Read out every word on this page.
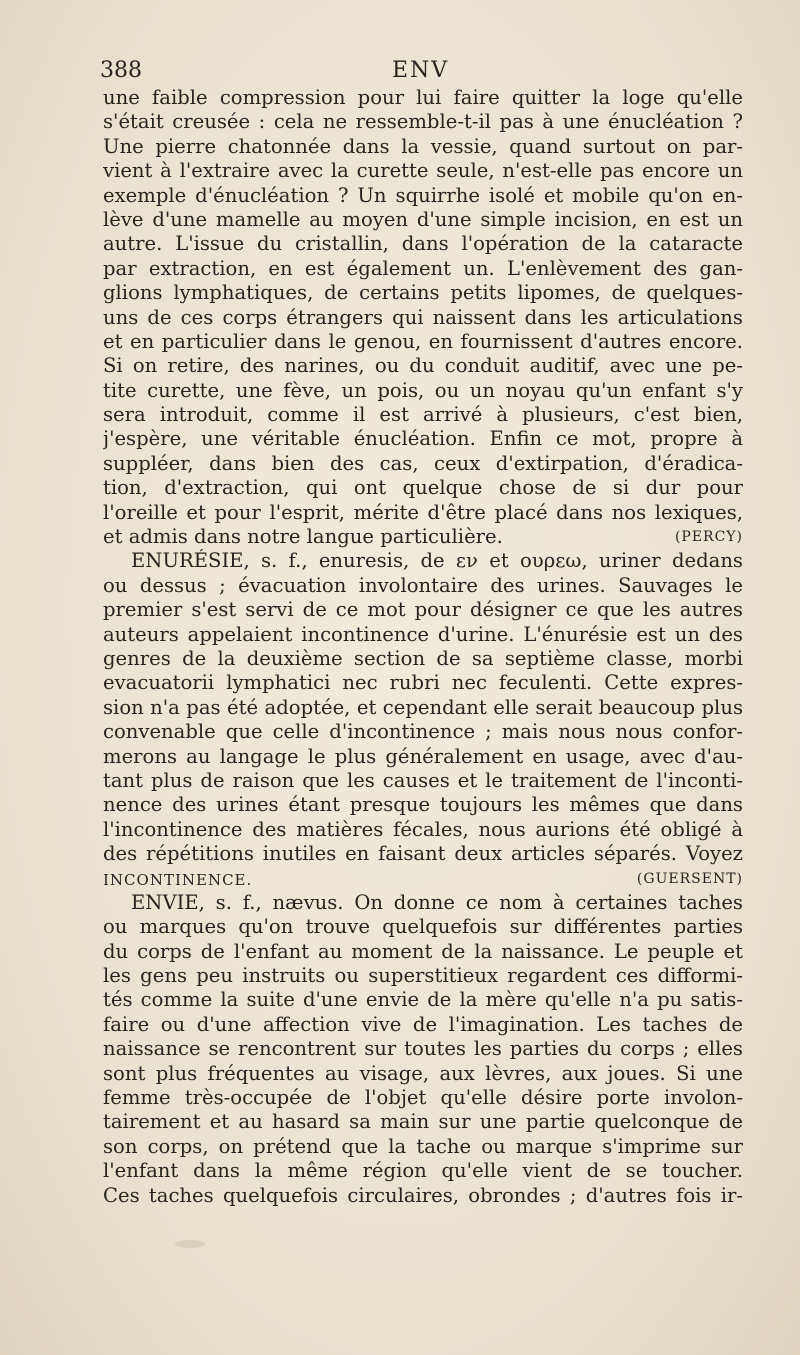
388	ENV
une faible compression pour lui faire quitter la loge qu'elle
s'était creusée : cela ne ressemble-t-il pas à une énucléation ?
Une pierre chatonnée dans la vessie, quand surtout on par-
vient à l'extraire avec la curette seule, n'est-elle pas encore un
exemple d'énucléation ? Un squirrhe isolé et mobile qu'on en-
lève d'une mamelle au moyen d'une simple incision, en est un
autre. L'issue du cristallin, dans l'opération de la cataracte
par extraction, en est également un. L'enlèvement des gan-
glions lymphatiques, de certains petits lipomes, de quelques-
uns de ces corps étrangers qui naissent dans les articulations
et en particulier dans le genou, en fournissent d'autres encore.
Si on retire, des narines, ou du conduit auditif, avec une pe-
tite curette, une fève, un pois, ou un noyau qu'un enfant s'y
sera introduit, comme il est arrivé à plusieurs, c'est bien,
j'espère, une véritable énucléation. Enfin ce mot, propre à
suppléer, dans bien des cas, ceux d'extirpation, d'éradica-
tion, d'extraction, qui ont quelque chose de si dur pour
l'oreille et pour l'esprit, mérite d'être placé dans nos lexiques,
et admis dans notre langue particulière.	(PERCY)
ENURÉSIE, s. f., enuresis, de εν et ουρεω, uriner dedans
ou dessus ; évacuation involontaire des urines. Sauvages le
premier s'est servi de ce mot pour désigner ce que les autres
auteurs appelaient incontinence d'urine. L'énurésie est un des
genres de la deuxième section de sa septième classe, morbi
evacuatorii lymphatici nec rubri nec feculenti. Cette expres-
sion n'a pas été adoptée, et cependant elle serait beaucoup plus
convenable que celle d'incontinence ; mais nous nous confor-
merons au langage le plus généralement en usage, avec d'au-
tant plus de raison que les causes et le traitement de l'inconti-
nence des urines étant presque toujours les mêmes que dans
l'incontinence des matières fécales, nous aurions été obligé à
des répétitions inutiles en faisant deux articles séparés. Voyez
INCONTINENCE.	(GUERSENT)
ENVIE, s. f., nævus. On donne ce nom à certaines taches
ou marques qu'on trouve quelquefois sur différentes parties
du corps de l'enfant au moment de la naissance. Le peuple et
les gens peu instruits ou superstitieux regardent ces difformi-
tés comme la suite d'une envie de la mère qu'elle n'a pu satis-
faire ou d'une affection vive de l'imagination. Les taches de
naissance se rencontrent sur toutes les parties du corps ; elles
sont plus fréquentes au visage, aux lèvres, aux joues. Si une
femme très-occupée de l'objet qu'elle désire porte involon-
tairement et au hasard sa main sur une partie quelconque de
son corps, on prétend que la tache ou marque s'imprime sur
l'enfant dans la même région qu'elle vient de se toucher.
Ces taches quelquefois circulaires, obrondes ; d'autres fois ir-
